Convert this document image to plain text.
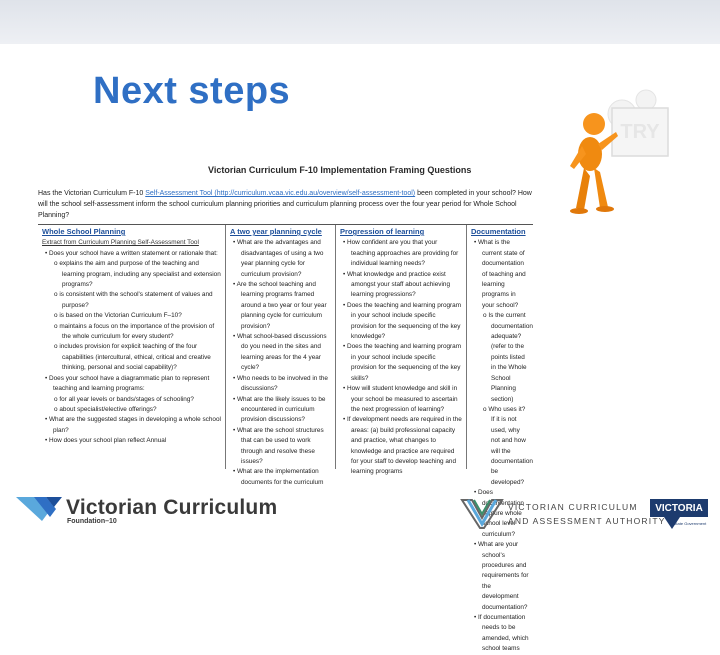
Next steps
TRY
Victorian Curriculum F-10 Implementation Framing Questions
Has the Victorian Curriculum F-10 Self-Assessment Tool (http://curriculum.vcaa.vic.edu.au/overview/self-assessment-tool) been completed in your school? How will the school self-assessment inform the school curriculum planning priorities and curriculum planning process over the four year period for Whole School Planning?
Whole School Planning
Extract from Curriculum Planning Self-Assessment Tool
• Does your school have a written statement or rationale that:
o explains the aim and purpose of the teaching and learning program, including any specialist and extension programs?
o is consistent with the school's statement of values and purpose?
o is based on the Victorian Curriculum F–10?
o maintains a focus on the importance of the provision of the whole curriculum for every student?
o includes provision for explicit teaching of the four capabilities (intercultural, ethical, critical and creative thinking, personal and social capability)?
• Does your school have a diagrammatic plan to represent teaching and learning programs:
o for all year levels or bands/stages of schooling?
o about specialist/elective offerings?
• What are the suggested stages in developing a whole school plan?
• How does your school plan reflect Annual
A two year planning cycle
• What are the advantages and disadvantages of using a two year planning cycle for curriculum provision?
• Are the school teaching and learning programs framed around a two year or four year planning cycle for curriculum provision?
• What school-based discussions do you need in the sites and learning areas for the 4 year cycle?
• Who needs to be involved in the discussions?
• What are the likely issues to be encountered in curriculum provision discussions?
• What are the school structures that can be used to work through and resolve these issues?
• What are the implementation documents for the curriculum
Progression of learning
• How confident are you that your teaching approaches are providing for individual learning needs?
• What knowledge and practice exist amongst your staff about achieving learning progressions?
• Does the teaching and learning program in your school include specific provision for the sequencing of the key knowledge?
• Does the teaching and learning program in your school include specific provision for the sequencing of the key skills?
• How will student knowledge and skill in your school be measured to ascertain the next progression of learning?
• If development needs are required in the areas: (a) build professional capacity and practice, what changes to knowledge and practice are required for your staff to develop teaching and learning programs
Documentation
• What is the current state of documentation of teaching and learning programs in your school?
o Is the current documentation adequate? (refer to the points listed in the Whole School Planning section)
o Who uses it? If it is not used, why not and how will the documentation be developed?
• Does documentation capture whole school level curriculum?
• What are your school's procedures and requirements for the development documentation?
• If documentation needs to be amended, which school teams
Victorian Curriculum
Foundation–10
VICTORIAN CURRICULUM
AND ASSESSMENT AUTHORITY
VICTORIA
State Government
